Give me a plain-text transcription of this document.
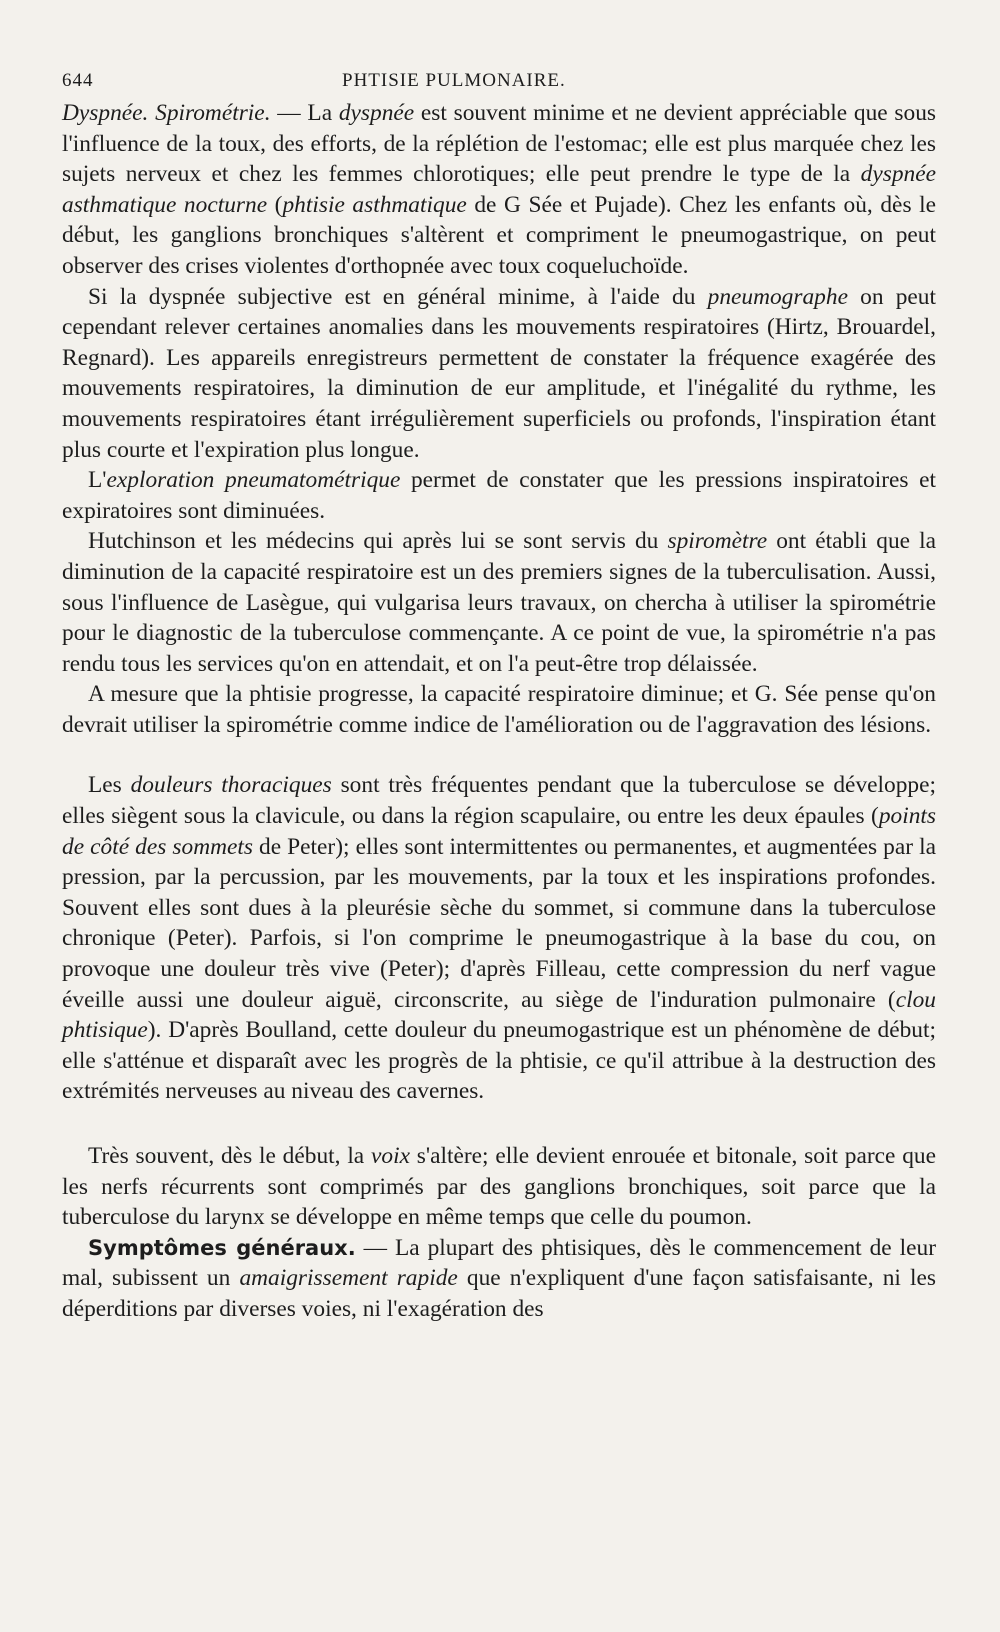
644	PHTISIE PULMONAIRE.

Dyspnée. Spirométrie. — La dyspnée est souvent minime et ne devient appréciable que sous l'influence de la toux, des efforts, de la réplétion de l'estomac; elle est plus marquée chez les sujets nerveux et chez les femmes chlorotiques; elle peut prendre le type de la dyspnée asthmatique nocturne (phtisie asthmatique de G Sée et Pujade). Chez les enfants où, dès le début, les ganglions bronchiques s'altèrent et compriment le pneumogastrique, on peut observer des crises violentes d'orthopnée avec toux coqueluchoïde.

Si la dyspnée subjective est en général minime, à l'aide du pneumographe on peut cependant relever certaines anomalies dans les mouvements respiratoires (Hirtz, Brouardel, Regnard). Les appareils enregistreurs permettent de constater la fréquence exagérée des mouvements respiratoires, la diminution de eur amplitude, et l'inégalité du rythme, les mouvements respiratoires étant irrégulièrement superficiels ou profonds, l'inspiration étant plus courte et l'expiration plus longue.

L'exploration pneumatométrique permet de constater que les pressions inspiratoires et expiratoires sont diminuées.

Hutchinson et les médecins qui après lui se sont servis du spiromètre ont établi que la diminution de la capacité respiratoire est un des premiers signes de la tuberculisation. Aussi, sous l'influence de Lasègue, qui vulgarisa leurs travaux, on chercha à utiliser la spirométrie pour le diagnostic de la tuberculose commençante. A ce point de vue, la spirométrie n'a pas rendu tous les services qu'on en attendait, et on l'a peut-être trop délaissée.

A mesure que la phtisie progresse, la capacité respiratoire diminue; et G. Sée pense qu'on devrait utiliser la spirométrie comme indice de l'amélioration ou de l'aggravation des lésions.

Les douleurs thoraciques sont très fréquentes pendant que la tuberculose se développe; elles siègent sous la clavicule, ou dans la région scapulaire, ou entre les deux épaules (points de côté des sommets de Peter); elles sont intermittentes ou permanentes, et augmentées par la pression, par la percussion, par les mouvements, par la toux et les inspirations profondes. Souvent elles sont dues à la pleurésie sèche du sommet, si commune dans la tuberculose chronique (Peter). Parfois, si l'on comprime le pneumogastrique à la base du cou, on provoque une douleur très vive (Peter); d'après Filleau, cette compression du nerf vague éveille aussi une douleur aiguë, circonscrite, au siège de l'induration pulmonaire (clou phtisique). D'après Boulland, cette douleur du pneumogastrique est un phénomène de début; elle s'atténue et disparaît avec les progrès de la phtisie, ce qu'il attribue à la destruction des extrémités nerveuses au niveau des cavernes.

Très souvent, dès le début, la voix s'altère; elle devient enrouée et bitonale, soit parce que les nerfs récurrents sont comprimés par des ganglions bronchiques, soit parce que la tuberculose du larynx se développe en même temps que celle du poumon.

Symptômes généraux. — La plupart des phtisiques, dès le commencement de leur mal, subissent un amaigrissement rapide que n'expliquent d'une façon satisfaisante, ni les déperditions par diverses voies, ni l'exagération des
